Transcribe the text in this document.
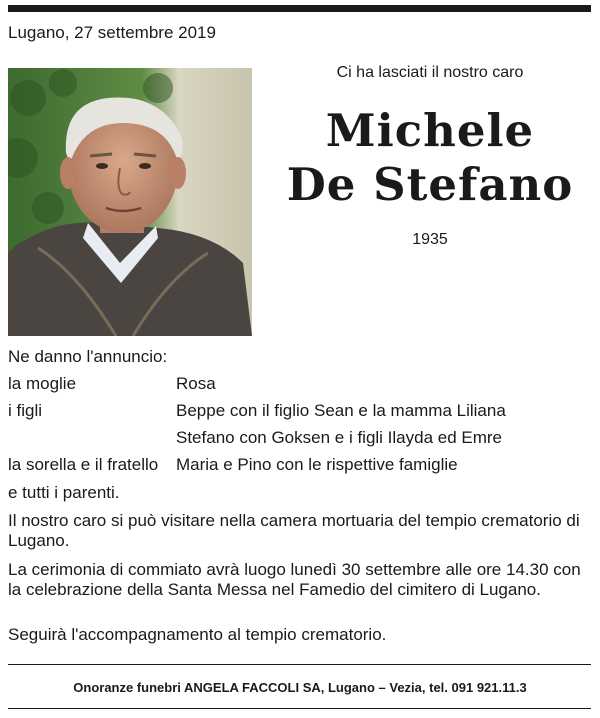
Lugano, 27 settembre 2019
Ci ha lasciati il nostro caro
Michele
De Stefano
1935
Ne danno l'annuncio:
la moglie	Rosa
i figli	Beppe con il figlio Sean e la mamma Liliana
Stefano con Goksen e i figli Ilayda ed Emre
la sorella e il fratello Maria e Pino con le rispettive famiglie
e tutti i parenti.
Il nostro caro si può visitare nella camera mortuaria del tempio crematorio di Lugano.
La cerimonia di commiato avrà luogo lunedì 30 settembre alle ore 14.30 con la celebrazione della Santa Messa nel Famedio del cimitero di Lugano.
Seguirà l'accompagnamento al tempio crematorio.
Onoranze funebri ANGELA FACCOLI SA, Lugano – Vezia, tel. 091 921.11.3
